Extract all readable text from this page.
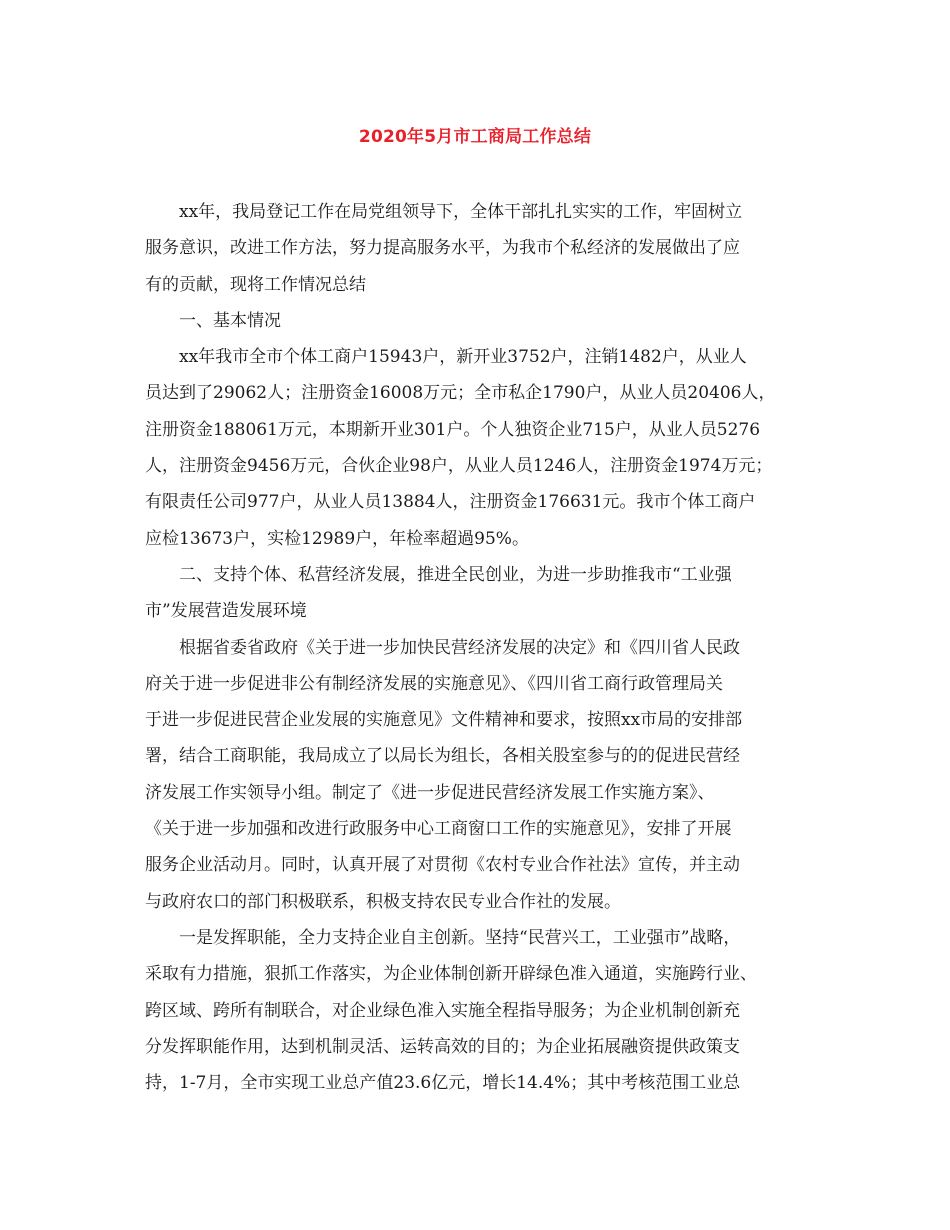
2020年5月市工商局工作总结
xx年，我局登记工作在局党组领导下，全体干部扎扎实实的工作，牢固树立
服务意识，改进工作方法，努力提高服务水平，为我市个私经济的发展做出了应
有的贡献，现将工作情况总结
一、基本情况
xx年我市全市个体工商户15943户，新开业3752户，注销1482户，从业人
员达到了29062人；注册资金16008万元；全市私企1790户，从业人员20406人，
注册资金188061万元，本期新开业301户。个人独资企业715户，从业人员5276
人，注册资金9456万元，合伙企业98户，从业人员1246人，注册资金1974万元；
有限责任公司977户，从业人员13884人，注册资金176631元。我市个体工商户
应检13673户，实检12989户，年检率超過95%。
二、支持个体、私营经济发展，推进全民创业，为进一步助推我市“工业强
市”发展营造发展环境
根据省委省政府《关于进一步加快民营经济发展的决定》和《四川省人民政
府关于进一步促进非公有制经济发展的实施意见》、《四川省工商行政管理局关
于进一步促进民营企业发展的实施意见》文件精神和要求，按照xx市局的安排部
署，结合工商职能，我局成立了以局长为组长，各相关股室参与的的促进民营经
济发展工作实领导小组。制定了《进一步促进民营经济发展工作实施方案》、
《关于进一步加强和改进行政服务中心工商窗口工作的实施意见》，安排了开展
服务企业活动月。同时，认真开展了对贯彻《农村专业合作社法》宣传，并主动
与政府农口的部门积极联系，积极支持农民专业合作社的发展。
一是发挥职能，全力支持企业自主创新。坚持“民营兴工，工业强市”战略，
采取有力措施，狠抓工作落实，为企业体制创新开辟绿色准入通道，实施跨行业、
跨区域、跨所有制联合，对企业绿色准入实施全程指导服务；为企业机制创新充
分发挥职能作用，达到机制灵活、运转高效的目的；为企业拓展融资提供政策支
持，1-7月，全市实现工业总产值23.6亿元，增长14.4%；其中考核范围工业总
